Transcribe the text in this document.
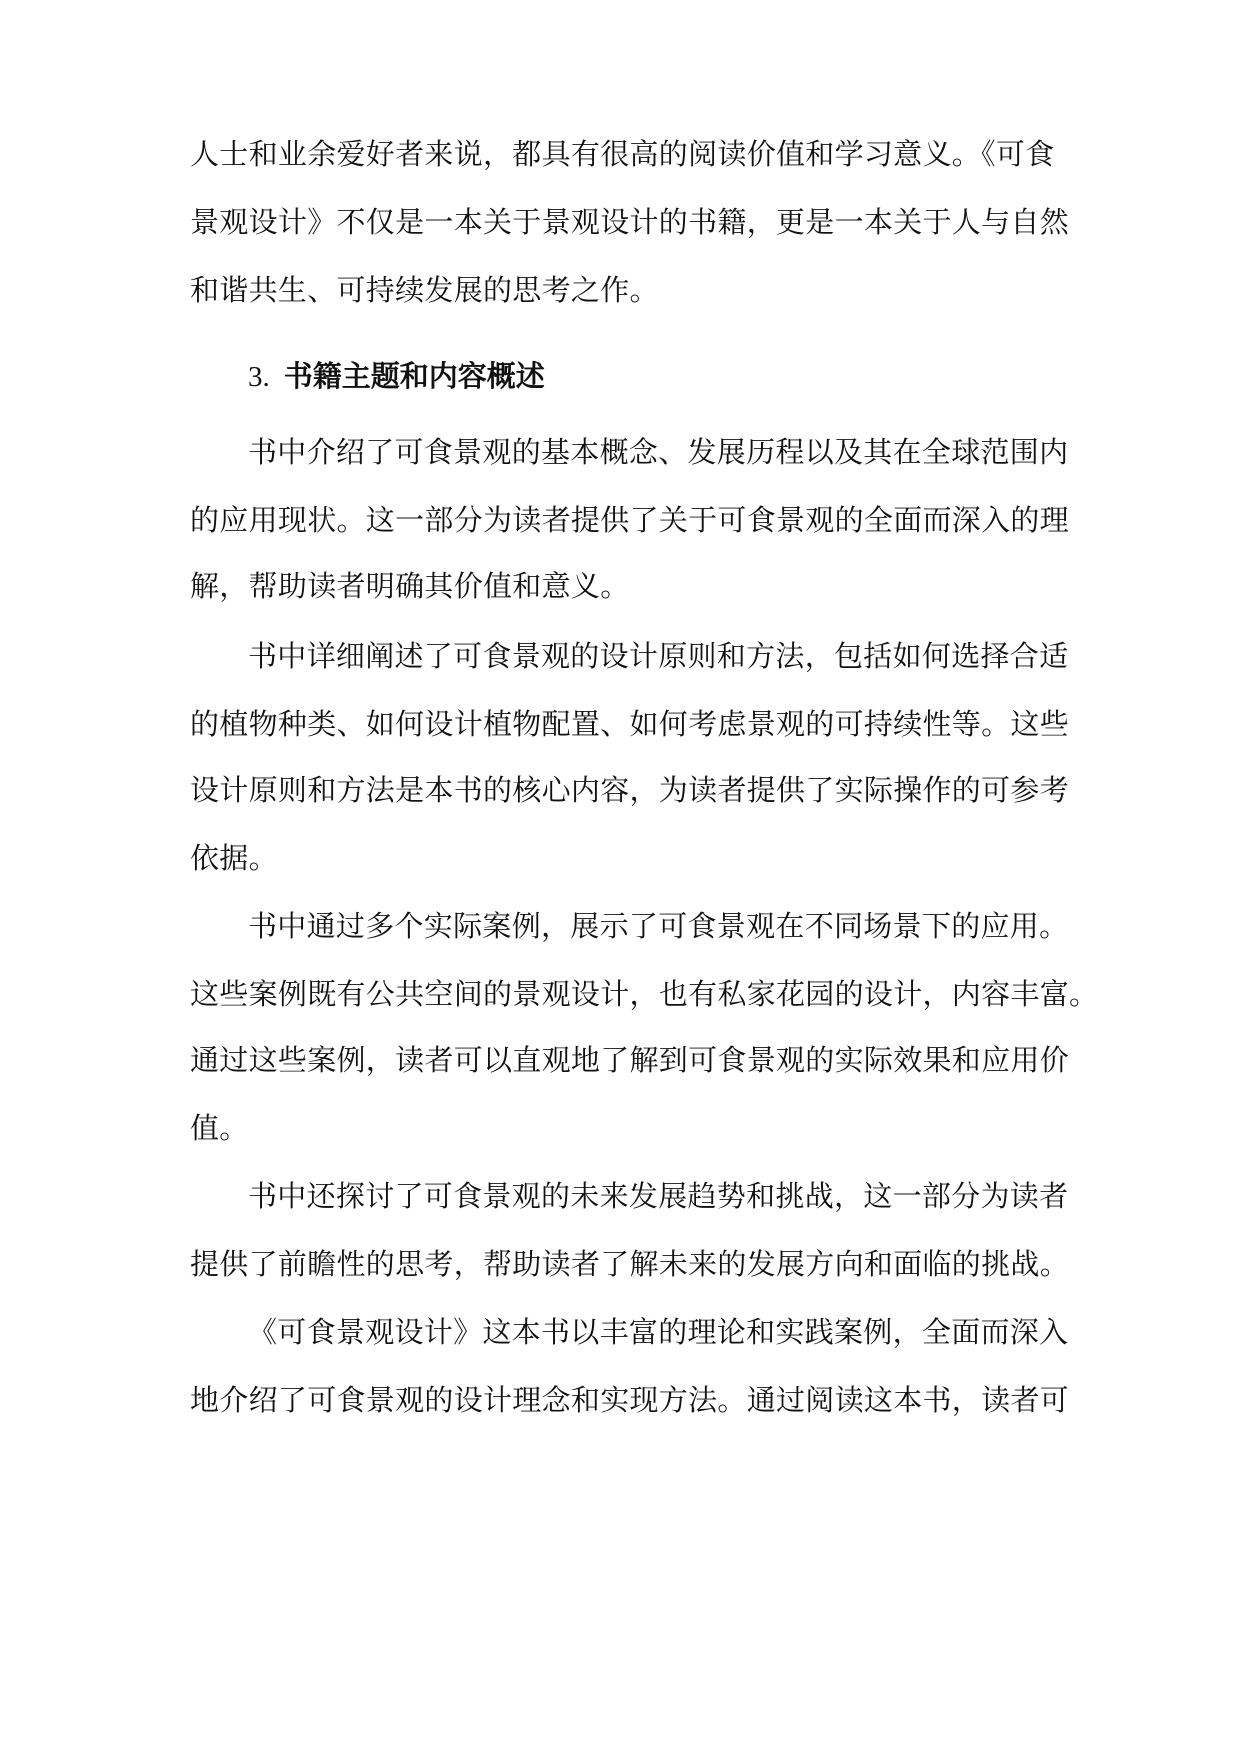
人士和业余爱好者来说，都具有很高的阅读价值和学习意义。《可食
景观设计》不仅是一本关于景观设计的书籍，更是一本关于人与自然
和谐共生、可持续发展的思考之作。
3. 书籍主题和内容概述
书中介绍了可食景观的基本概念、发展历程以及其在全球范围内
的应用现状。这一部分为读者提供了关于可食景观的全面而深入的理
解，帮助读者明确其价值和意义。
书中详细阐述了可食景观的设计原则和方法，包括如何选择合适
的植物种类、如何设计植物配置、如何考虑景观的可持续性等。这些
设计原则和方法是本书的核心内容，为读者提供了实际操作的可参考
依据。
书中通过多个实际案例，展示了可食景观在不同场景下的应用。
这些案例既有公共空间的景观设计，也有私家花园的设计，内容丰富。
通过这些案例，读者可以直观地了解到可食景观的实际效果和应用价
值。
书中还探讨了可食景观的未来发展趋势和挑战，这一部分为读者
提供了前瞻性的思考，帮助读者了解未来的发展方向和面临的挑战。
《可食景观设计》这本书以丰富的理论和实践案例，全面而深入
地介绍了可食景观的设计理念和实现方法。通过阅读这本书，读者可
